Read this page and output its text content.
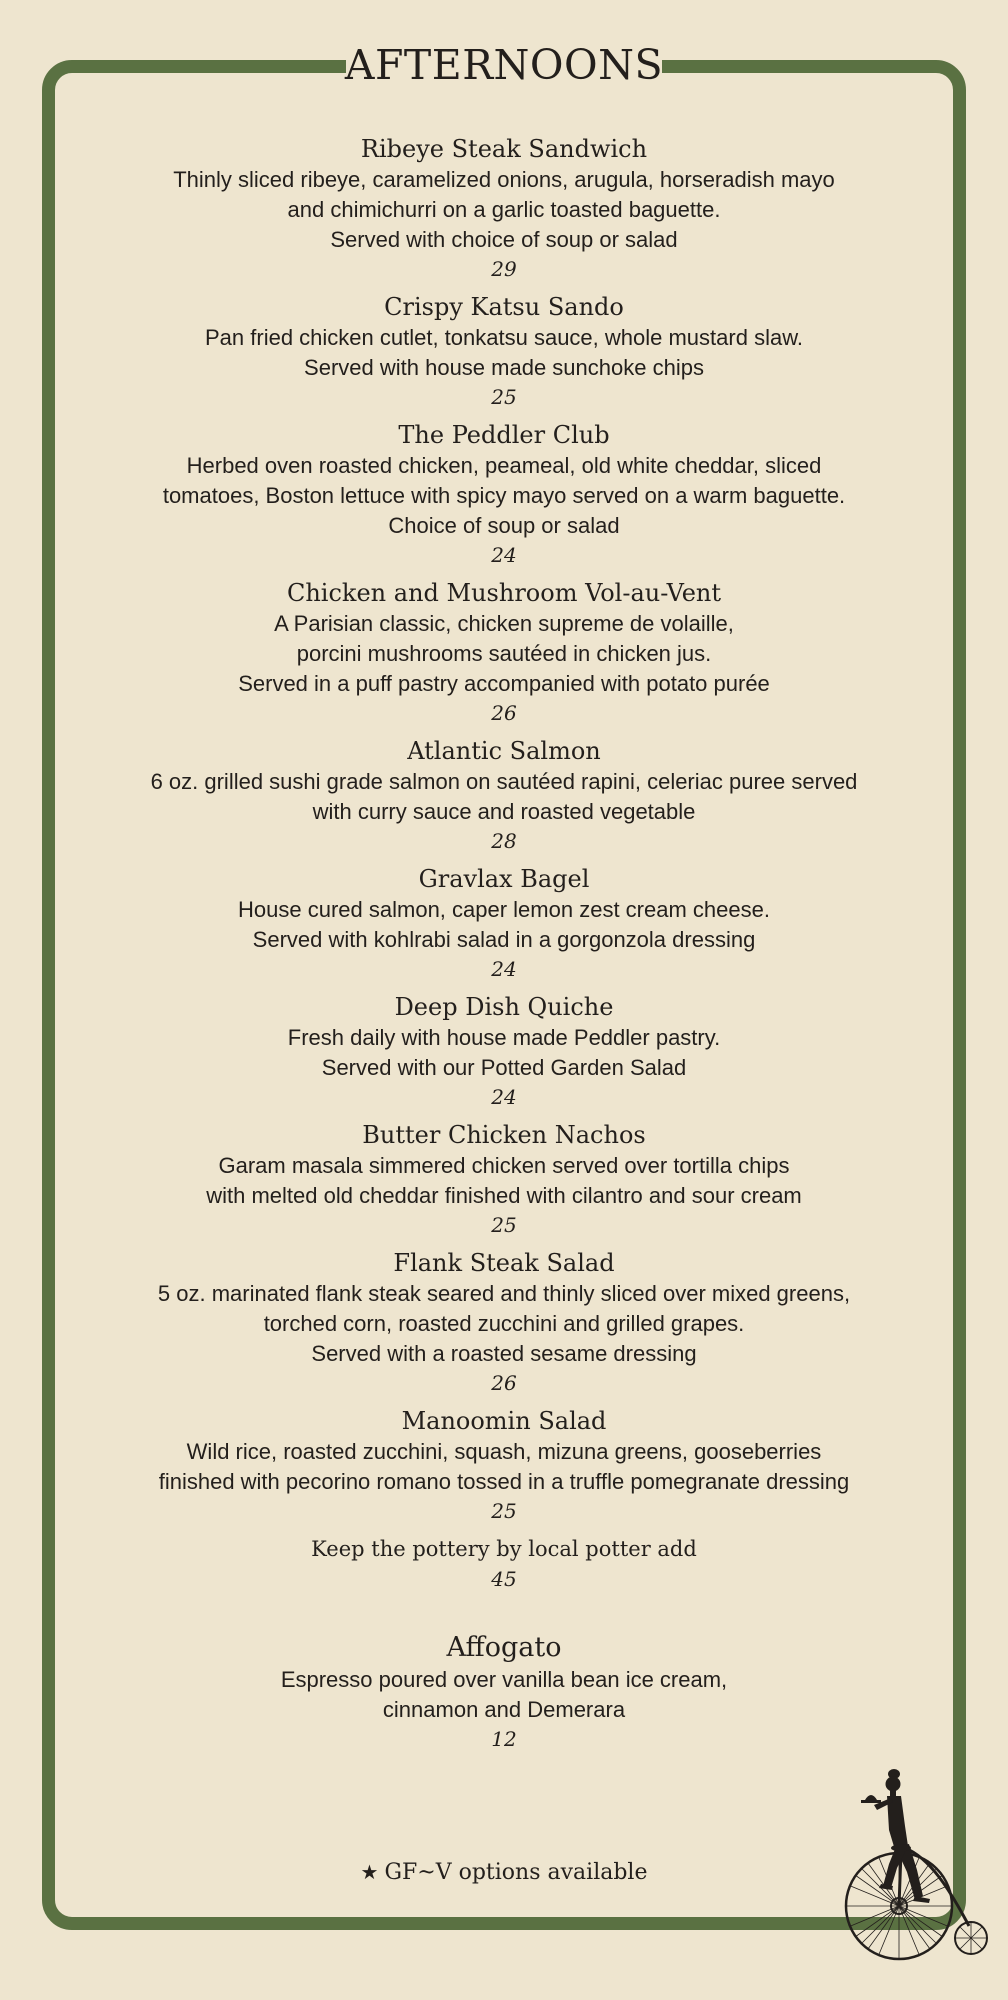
AFTERNOONS
Ribeye Steak Sandwich
Thinly sliced ribeye, caramelized onions, arugula, horseradish mayo
and chimichurri on a garlic toasted baguette.
Served with choice of soup or salad
29
Crispy Katsu Sando
Pan fried chicken cutlet, tonkatsu sauce, whole mustard slaw.
Served with house made sunchoke chips
25
The Peddler Club
Herbed oven roasted chicken, peameal, old white cheddar, sliced
tomatoes, Boston lettuce with spicy mayo served on a warm baguette.
Choice of soup or salad
24
Chicken and Mushroom Vol-au-Vent
A Parisian classic, chicken supreme de volaille,
porcini mushrooms sautéed in chicken jus.
Served in a puff pastry accompanied with potato purée
26
Atlantic Salmon
6 oz. grilled sushi grade salmon on sautéed rapini, celeriac puree served
with curry sauce and roasted vegetable
28
Gravlax Bagel
House cured salmon, caper lemon zest cream cheese.
Served with kohlrabi salad in a gorgonzola dressing
24
Deep Dish Quiche
Fresh daily with house made Peddler pastry.
Served with our Potted Garden Salad
24
Butter Chicken Nachos
Garam masala simmered chicken served over tortilla chips
with melted old cheddar finished with cilantro and sour cream
25
Flank Steak Salad
5 oz. marinated flank steak seared and thinly sliced over mixed greens,
torched corn, roasted zucchini and grilled grapes.
Served with a roasted sesame dressing
26
Manoomin Salad
Wild rice, roasted zucchini, squash, mizuna greens, gooseberries
finished with pecorino romano tossed in a truffle pomegranate dressing
25
Keep the pottery by local potter add
45
Affogato
Espresso poured over vanilla bean ice cream,
cinnamon and Demerara
12
★ GF~V options available
